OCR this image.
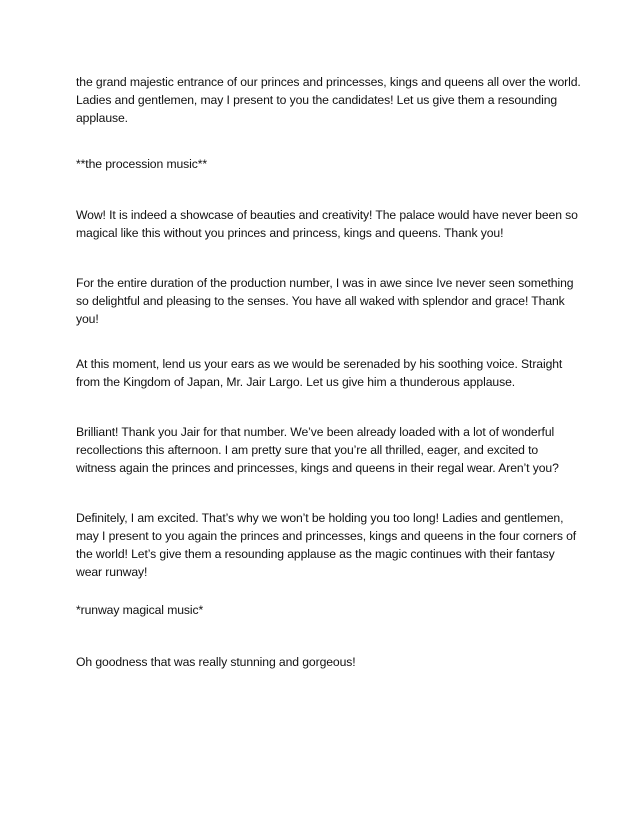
the grand majestic entrance of our princes and princesses, kings and queens all over the world.
Ladies and gentlemen, may I present to you the candidates! Let us give them a resounding
applause.

**the procession music**

Wow! It is indeed a showcase of beauties and creativity! The palace would have never been so
magical like this without you princes and princess, kings and queens. Thank you!

For the entire duration of the production number, I was in awe since Ive never seen something
so delightful and pleasing to the senses. You have all waked with splendor and grace! Thank
you!

At this moment, lend us your ears as we would be serenaded by his soothing voice. Straight
from the Kingdom of Japan, Mr. Jair Largo. Let us give him a thunderous applause.

Brilliant! Thank you Jair for that number. We’ve been already loaded with a lot of wonderful
recollections this afternoon. I am pretty sure that you’re all thrilled, eager, and excited to
witness again the princes and princesses, kings and queens in their regal wear. Aren’t you?

Definitely, I am excited. That’s why we won’t be holding you too long! Ladies and gentlemen,
may I present to you again the princes and princesses, kings and queens in the four corners of
the world! Let’s give them a resounding applause as the magic continues with their fantasy
wear runway!

*runway magical music*

Oh goodness that was really stunning and gorgeous!
